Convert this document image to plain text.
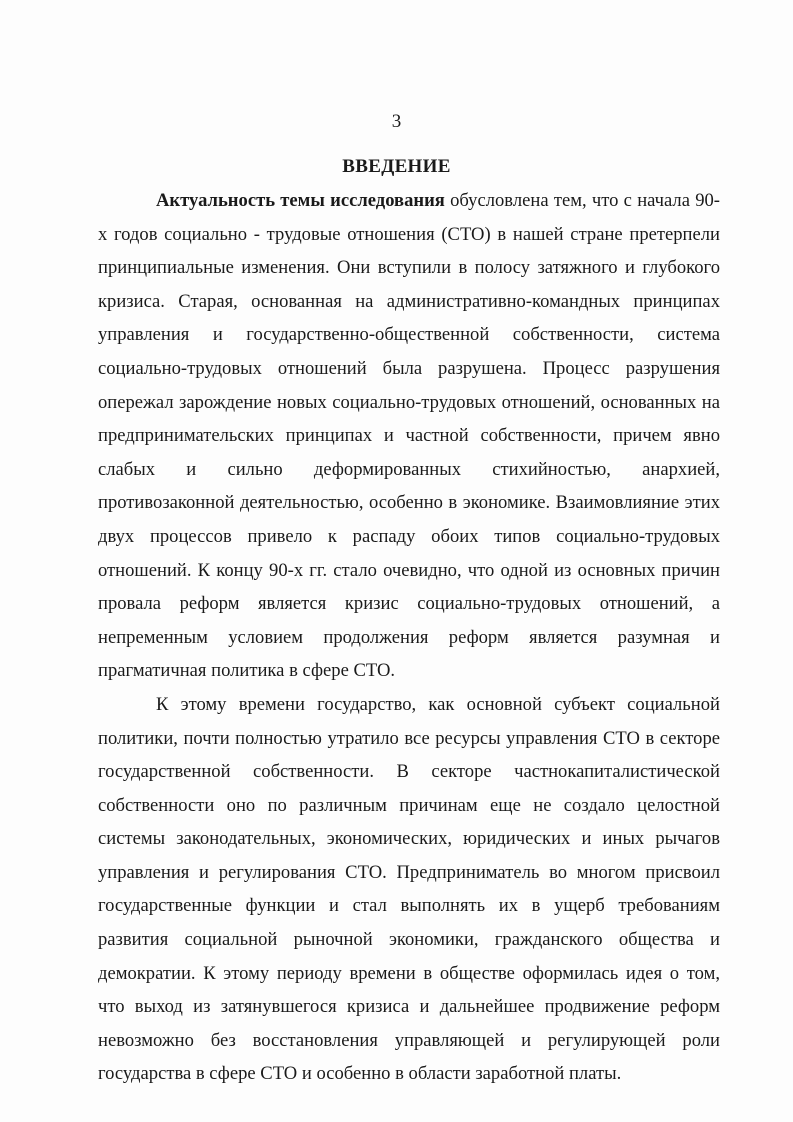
3
ВВЕДЕНИЕ

Актуальность темы исследования обусловлена тем, что с начала 90-х годов социально - трудовые отношения (СТО) в нашей стране претерпели принципиальные изменения. Они вступили в полосу затяжного и глубокого кризиса. Старая, основанная на административно-командных принципах управления и государственно-общественной собственности, система социально-трудовых отношений была разрушена. Процесс разрушения опережал зарождение новых социально-трудовых отношений, основанных на предпринимательских принципах и частной собственности, причем явно слабых и сильно деформированных стихийностью, анархией, противозаконной деятельностью, особенно в экономике. Взаимовлияние этих двух процессов привело к распаду обоих типов социально-трудовых отношений. К концу 90-х гг. стало очевидно, что одной из основных причин провала реформ является кризис социально-трудовых отношений, а непременным условием продолжения реформ является разумная и прагматичная политика в сфере СТО.

К этому времени государство, как основной субъект социальной политики, почти полностью утратило все ресурсы управления СТО в секторе государственной собственности. В секторе частнокапиталистической собственности оно по различным причинам еще не создало целостной системы законодательных, экономических, юридических и иных рычагов управления и регулирования СТО. Предприниматель во многом присвоил государственные функции и стал выполнять их в ущерб требованиям развития социальной рыночной экономики, гражданского общества и демократии. К этому периоду времени в обществе оформилась идея о том, что выход из затянувшегося кризиса и дальнейшее продвижение реформ невозможно без восстановления управляющей и регулирующей роли государства в сфере СТО и особенно в области заработной платы.
